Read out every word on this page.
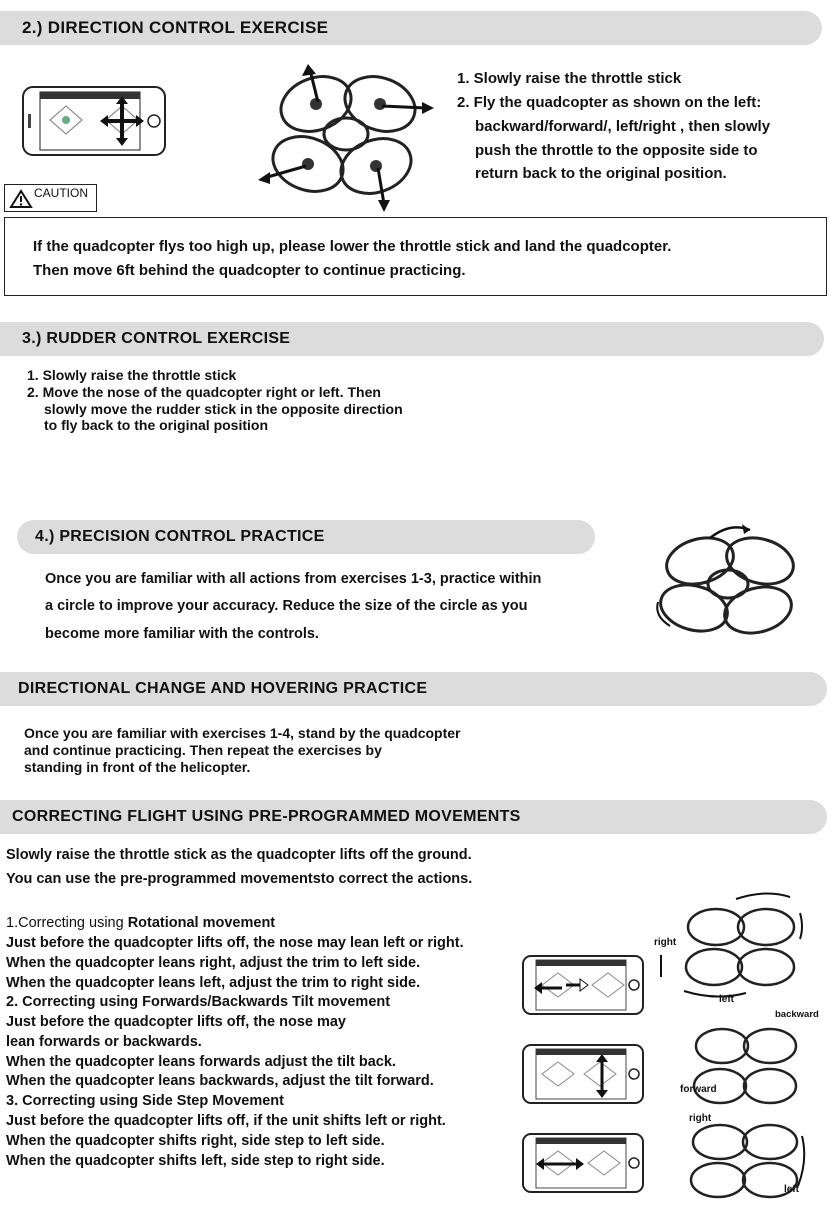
2.) DIRECTION CONTROL EXERCISE
CAUTION
1. Slowly raise the throttle stick
2. Fly the quadcopter as shown on the left:
backward/forward/, left/right , then slowly
push the throttle to the opposite side to
return back to the original position.
If the quadcopter flys too high up, please lower the throttle stick and land the quadcopter.
Then move 6ft behind the quadcopter to continue practicing.
3.) RUDDER CONTROL EXERCISE
1. Slowly raise the throttle stick
2. Move the nose of the quadcopter right or left. Then
slowly move the rudder stick in the opposite direction
to fly back to the original position
4.) PRECISION CONTROL PRACTICE
Once you are familiar with all actions from exercises 1-3, practice within
a circle to improve your accuracy. Reduce the size of the circle as you
become more familiar with the controls.
DIRECTIONAL CHANGE AND HOVERING PRACTICE
Once you are familiar with exercises 1-4, stand by the quadcopter
and continue practicing. Then repeat the exercises by
standing in front of the helicopter.
CORRECTING FLIGHT USING PRE-PROGRAMMED MOVEMENTS
Slowly raise the throttle stick as the quadcopter lifts off the ground.
You can use the pre-programmed movementsto correct the actions.
1.Correcting using Rotational movement
Just before the quadcopter lifts off, the nose may lean left or right.
When the quadcopter leans right, adjust the trim to left side.
When the quadcopter leans left, adjust the trim to right side.
2. Correcting using Forwards/Backwards Tilt movement
Just before the quadcopter lifts off, the nose may
lean forwards or backwards.
When the quadcopter leans forwards adjust the tilt back.
When the quadcopter leans backwards, adjust the tilt forward.
3. Correcting using Side Step Movement
Just before the quadcopter lifts off, if the unit shifts left or right.
When the quadcopter shifts right, side step to left side.
When the quadcopter shifts left, side step to right side.
right
left
backward
forward
right
left
